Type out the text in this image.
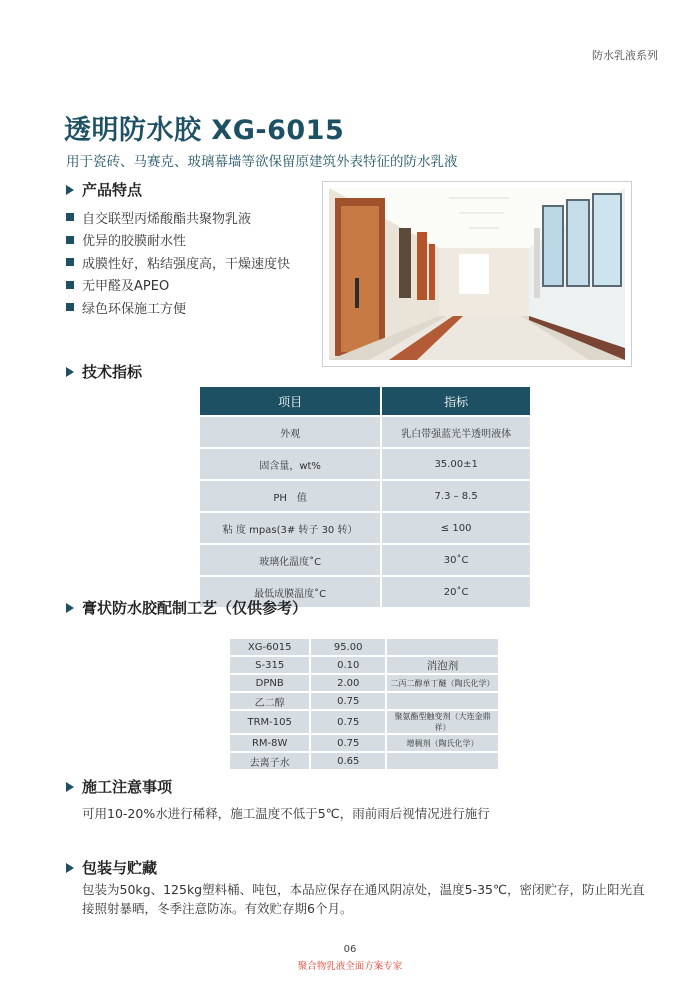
防水乳液系列
透明防水胶 XG-6015
用于瓷砖、马赛克、玻璃幕墙等欲保留原建筑外表特征的防水乳液
产品特点
自交联型丙烯酸酯共聚物乳液
优异的胶膜耐水性
成膜性好，粘结强度高，干燥速度快
无甲醛及APEO
绿色环保施工方便
技术指标
项目	指标
外观	乳白带强蓝光半透明液体
固含量，wt%	35.00±1
PH　值	7.3 – 8.5
粘 度 mpas(3# 转子 30 转）	≤ 100
玻璃化温度˚C	30˚C
最低成膜温度˚C	20˚C
膏状防水胶配制工艺（仅供参考）
XG-6015	95.00	
S-315	0.10	消泡剂
DPNB	2.00	二丙二醇单丁醚（陶氏化学）
乙二醇	0.75	
TRM-105	0.75	聚氨酯型触变剂（大连金鼎祥）
RM-8W	0.75	增稠剂（陶氏化学）
去离子水	0.65	
施工注意事项
可用10-20%水进行稀释，施工温度不低于5℃，雨前雨后视情况进行施行
包装与贮藏
包装为50kg、125kg塑料桶、吨包，本品应保存在通风阴凉处，温度5-35℃，密闭贮存，防止阳光直
接照射暴晒，冬季注意防冻。有效贮存期6个月。
06
聚合物乳液全面方案专家
